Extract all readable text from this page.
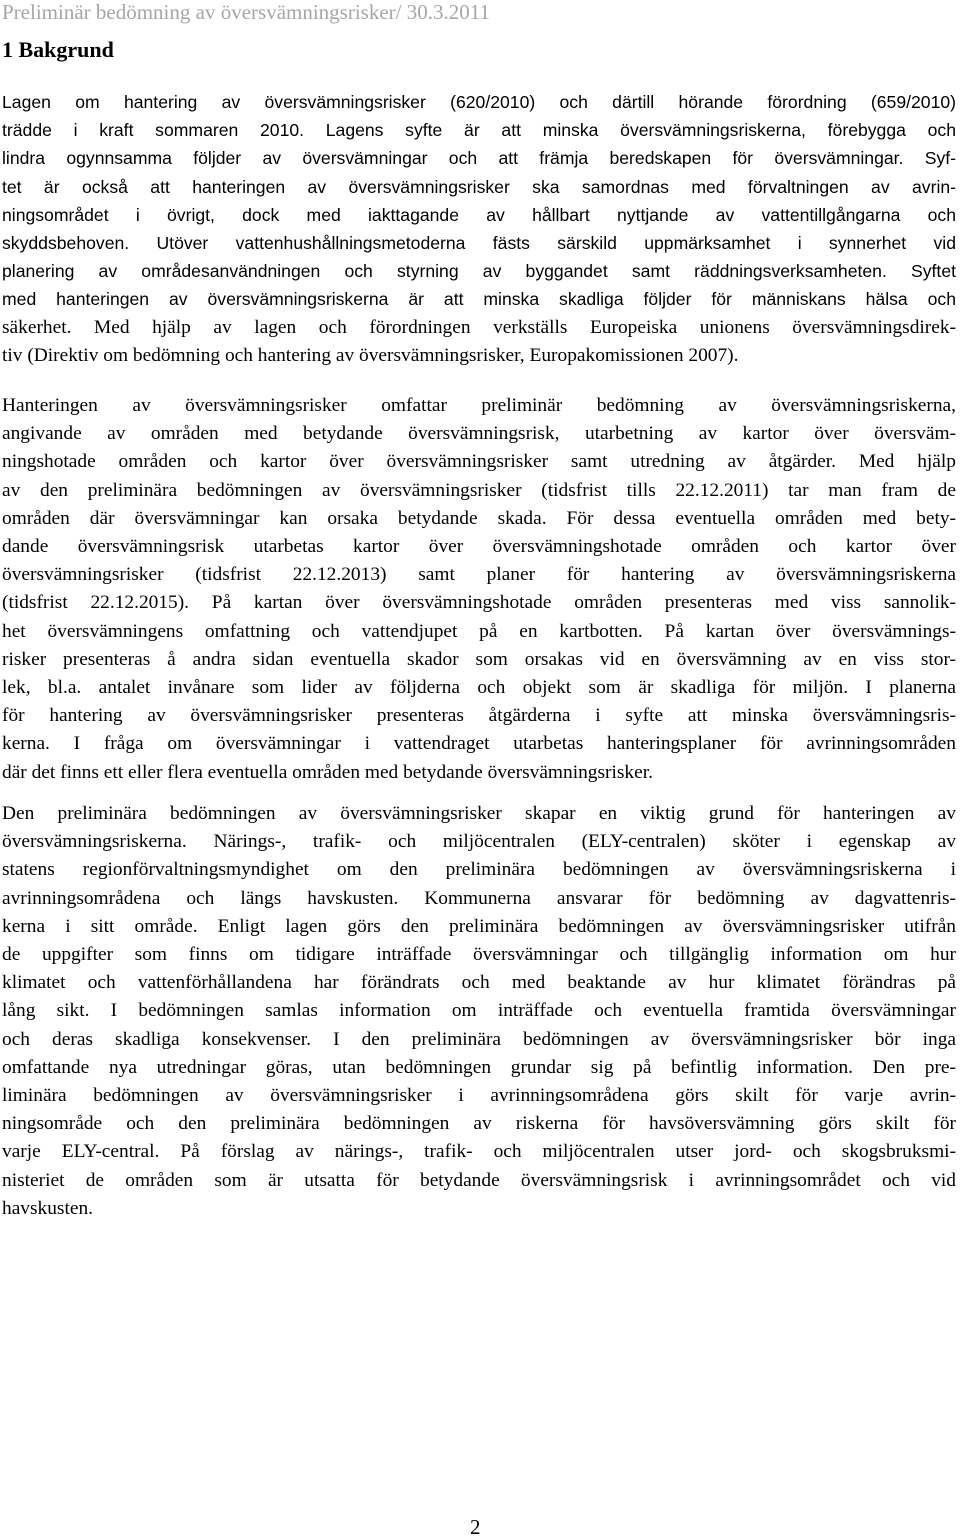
Preliminär bedömning av översvämningsrisker/ 30.3.2011
1 Bakgrund
Lagen om hantering av översvämningsrisker (620/2010) och därtill hörande förordning (659/2010)
trädde i kraft sommaren 2010. Lagens syfte är att minska översvämningsriskerna, förebygga och
lindra ogynnsamma följder av översvämningar och att främja beredskapen för översvämningar. Syf-
tet är också att hanteringen av översvämningsrisker ska samordnas med förvaltningen av avrin-
ningsområdet i övrigt, dock med iakttagande av hållbart nyttjande av vattentillgångarna och
skyddsbehoven. Utöver vattenhushållningsmetoderna fästs särskild uppmärksamhet i synnerhet vid
planering av områdesanvändningen och styrning av byggandet samt räddningsverksamheten. Syftet
med hanteringen av översvämningsriskerna är att minska skadliga följder för människans hälsa och
säkerhet. Med hjälp av lagen och förordningen verkställs Europeiska unionens översvämningsdirek-
tiv (Direktiv om bedömning och hantering av översvämningsrisker, Europakomissionen 2007).
Hanteringen av översvämningsrisker omfattar preliminär bedömning av översvämningsriskerna,
angivande av områden med betydande översvämningsrisk, utarbetning av kartor över översväm-
ningshotade områden och kartor över översvämningsrisker samt utredning av åtgärder. Med hjälp
av den preliminära bedömningen av översvämningsrisker (tidsfrist tills 22.12.2011) tar man fram de
områden där översvämningar kan orsaka betydande skada. För dessa eventuella områden med bety-
dande översvämningsrisk utarbetas kartor över översvämningshotade områden och kartor över
översvämningsrisker (tidsfrist 22.12.2013) samt planer för hantering av översvämningsriskerna
(tidsfrist 22.12.2015). På kartan över översvämningshotade områden presenteras med viss sannolik-
het översvämningens omfattning och vattendjupet på en kartbotten. På kartan över översvämnings-
risker presenteras å andra sidan eventuella skador som orsakas vid en översvämning av en viss stor-
lek, bl.a. antalet invånare som lider av följderna och objekt som är skadliga för miljön. I planerna
för hantering av översvämningsrisker presenteras åtgärderna i syfte att minska översvämningsris-
kerna. I fråga om översvämningar i vattendraget utarbetas hanteringsplaner för avrinningsområden
där det finns ett eller flera eventuella områden med betydande översvämningsrisker.
Den preliminära bedömningen av översvämningsrisker skapar en viktig grund för hanteringen av
översvämningsriskerna. Närings-, trafik- och miljöcentralen (ELY-centralen) sköter i egenskap av
statens regionförvaltningsmyndighet om den preliminära bedömningen av översvämningsriskerna i
avrinningsområdena och längs havskusten. Kommunerna ansvarar för bedömning av dagvattenris-
kerna i sitt område. Enligt lagen görs den preliminära bedömningen av översvämningsrisker utifrån
de uppgifter som finns om tidigare inträffade översvämningar och tillgänglig information om hur
klimatet och vattenförhållandena har förändrats och med beaktande av hur klimatet förändras på
lång sikt. I bedömningen samlas information om inträffade och eventuella framtida översvämningar
och deras skadliga konsekvenser. I den preliminära bedömningen av översvämningsrisker bör inga
omfattande nya utredningar göras, utan bedömningen grundar sig på befintlig information. Den pre-
liminära bedömningen av översvämningsrisker i avrinningsområdena görs skilt för varje avrin-
ningsområde och den preliminära bedömningen av riskerna för havsöversvämning görs skilt för
varje ELY-central. På förslag av närings-, trafik- och miljöcentralen utser jord- och skogsbruksmi-
nisteriet de områden som är utsatta för betydande översvämningsrisk i avrinningsområdet och vid
havskusten.
2
